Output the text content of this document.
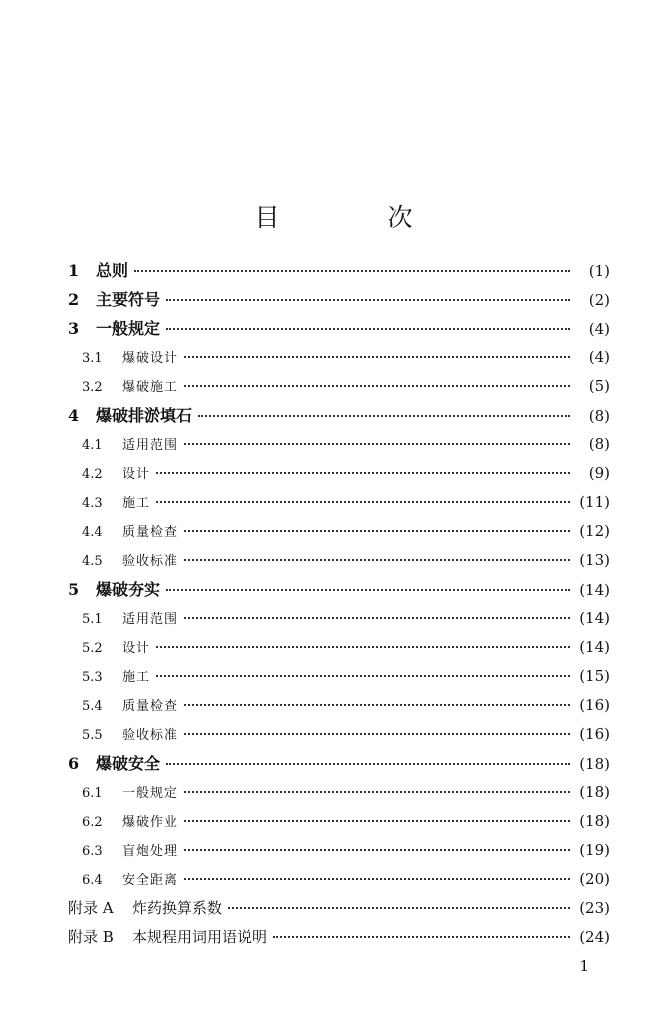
目 次
1	总则	(1)
2	主要符号	(2)
3	一般规定	(4)
3.1	爆破设计	(4)
3.2	爆破施工	(5)
4	爆破排淤填石	(8)
4.1	适用范围	(8)
4.2	设计	(9)
4.3	施工	(11)
4.4	质量检查	(12)
4.5	验收标准	(13)
5	爆破夯实	(14)
5.1	适用范围	(14)
5.2	设计	(14)
5.3	施工	(15)
5.4	质量检查	(16)
5.5	验收标准	(16)
6	爆破安全	(18)
6.1	一般规定	(18)
6.2	爆破作业	(18)
6.3	盲炮处理	(19)
6.4	安全距离	(20)
附录 A	炸药换算系数	(23)
附录 B	本规程用词用语说明	(24)
1
